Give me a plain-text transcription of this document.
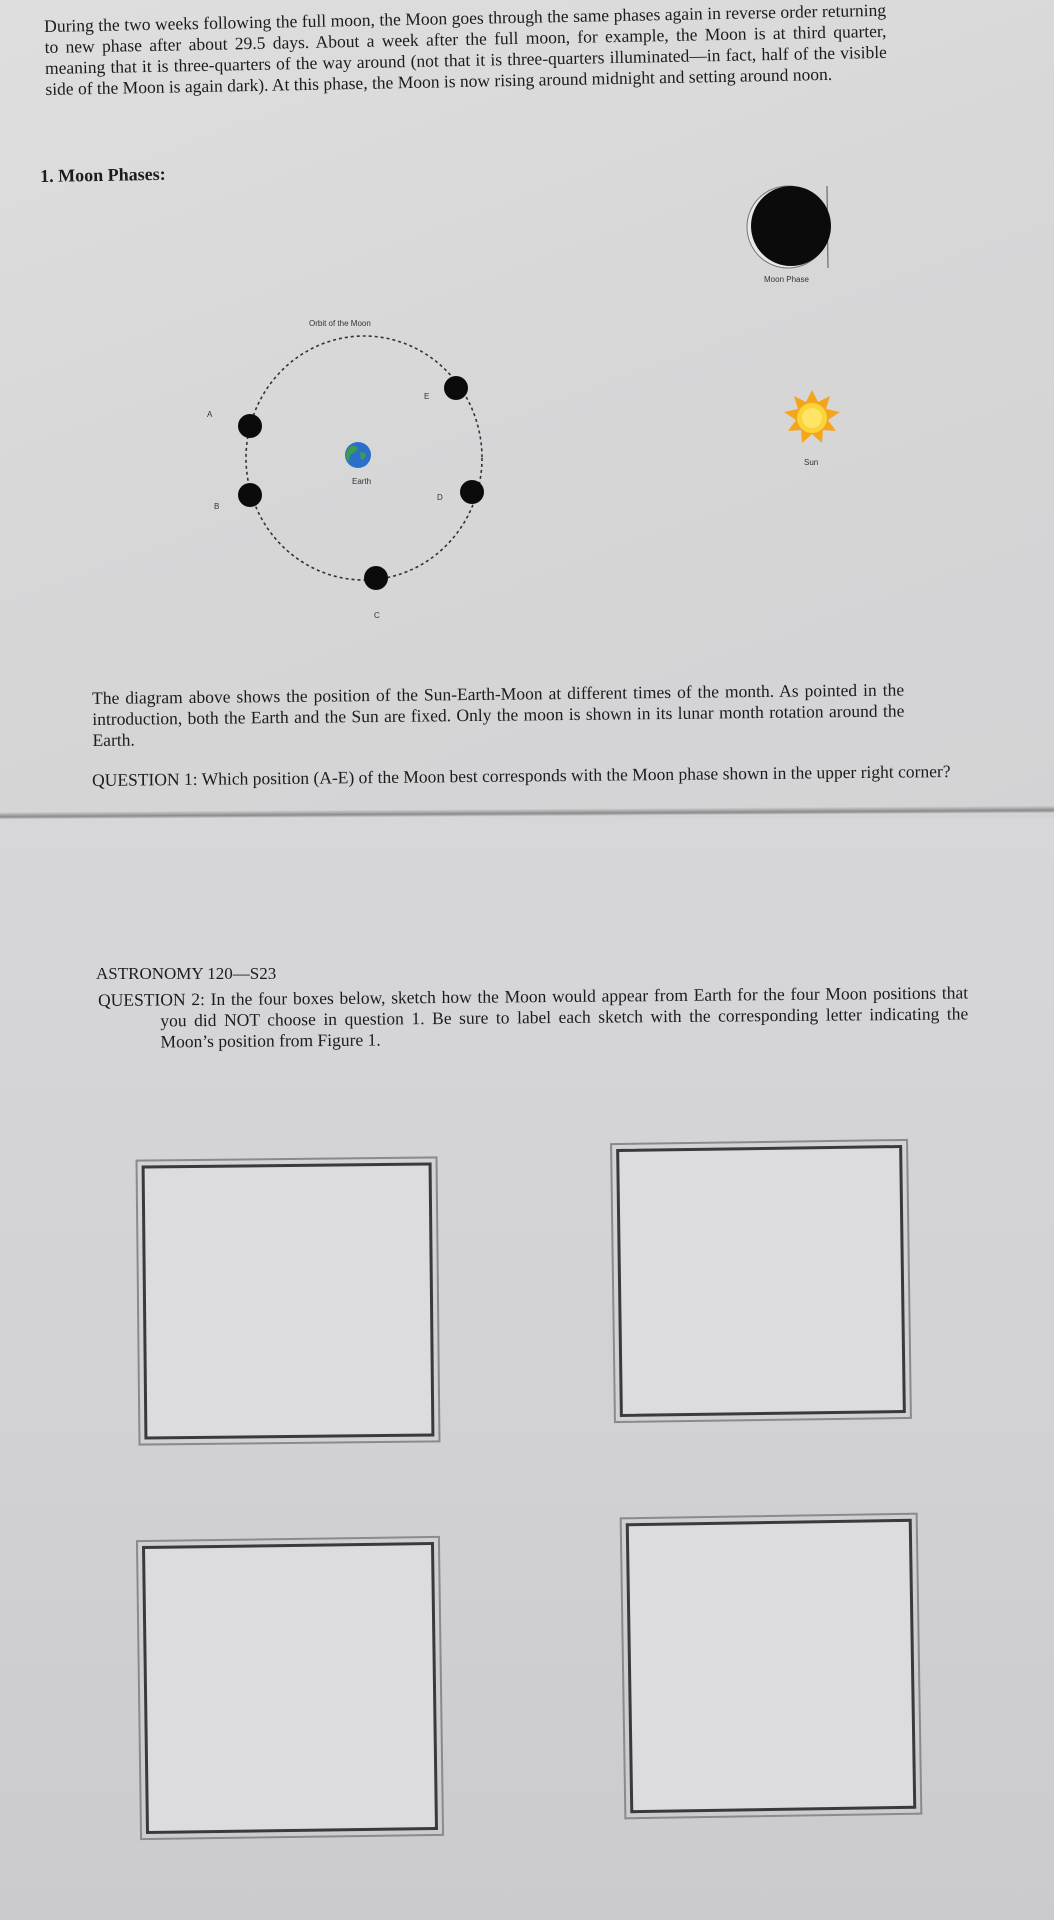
During the two weeks following the full moon, the Moon goes through the same phases again in reverse order returning to new phase after about 29.5 days. About a week after the full moon, for example, the Moon is at third quarter, meaning that it is three-quarters of the way around (not that it is three-quarters illuminated—in fact, half of the visible side of the Moon is again dark). At this phase, the Moon is now rising around midnight and setting around noon.

1. Moon Phases:
Moon Phase
Sun
Orbit of the Moon
Earth
A
B
C
D
E

The diagram above shows the position of the Sun-Earth-Moon at different times of the month. As pointed in the introduction, both the Earth and the Sun are fixed. Only the moon is shown in its lunar month rotation around the Earth.

QUESTION 1: Which position (A-E) of the Moon best corresponds with the Moon phase shown in the upper right corner?

ASTRONOMY 120—S23

QUESTION 2: In the four boxes below, sketch how the Moon would appear from Earth for the four Moon positions that you did NOT choose in question 1. Be sure to label each sketch with the corresponding letter indicating the Moon’s position from Figure 1.
